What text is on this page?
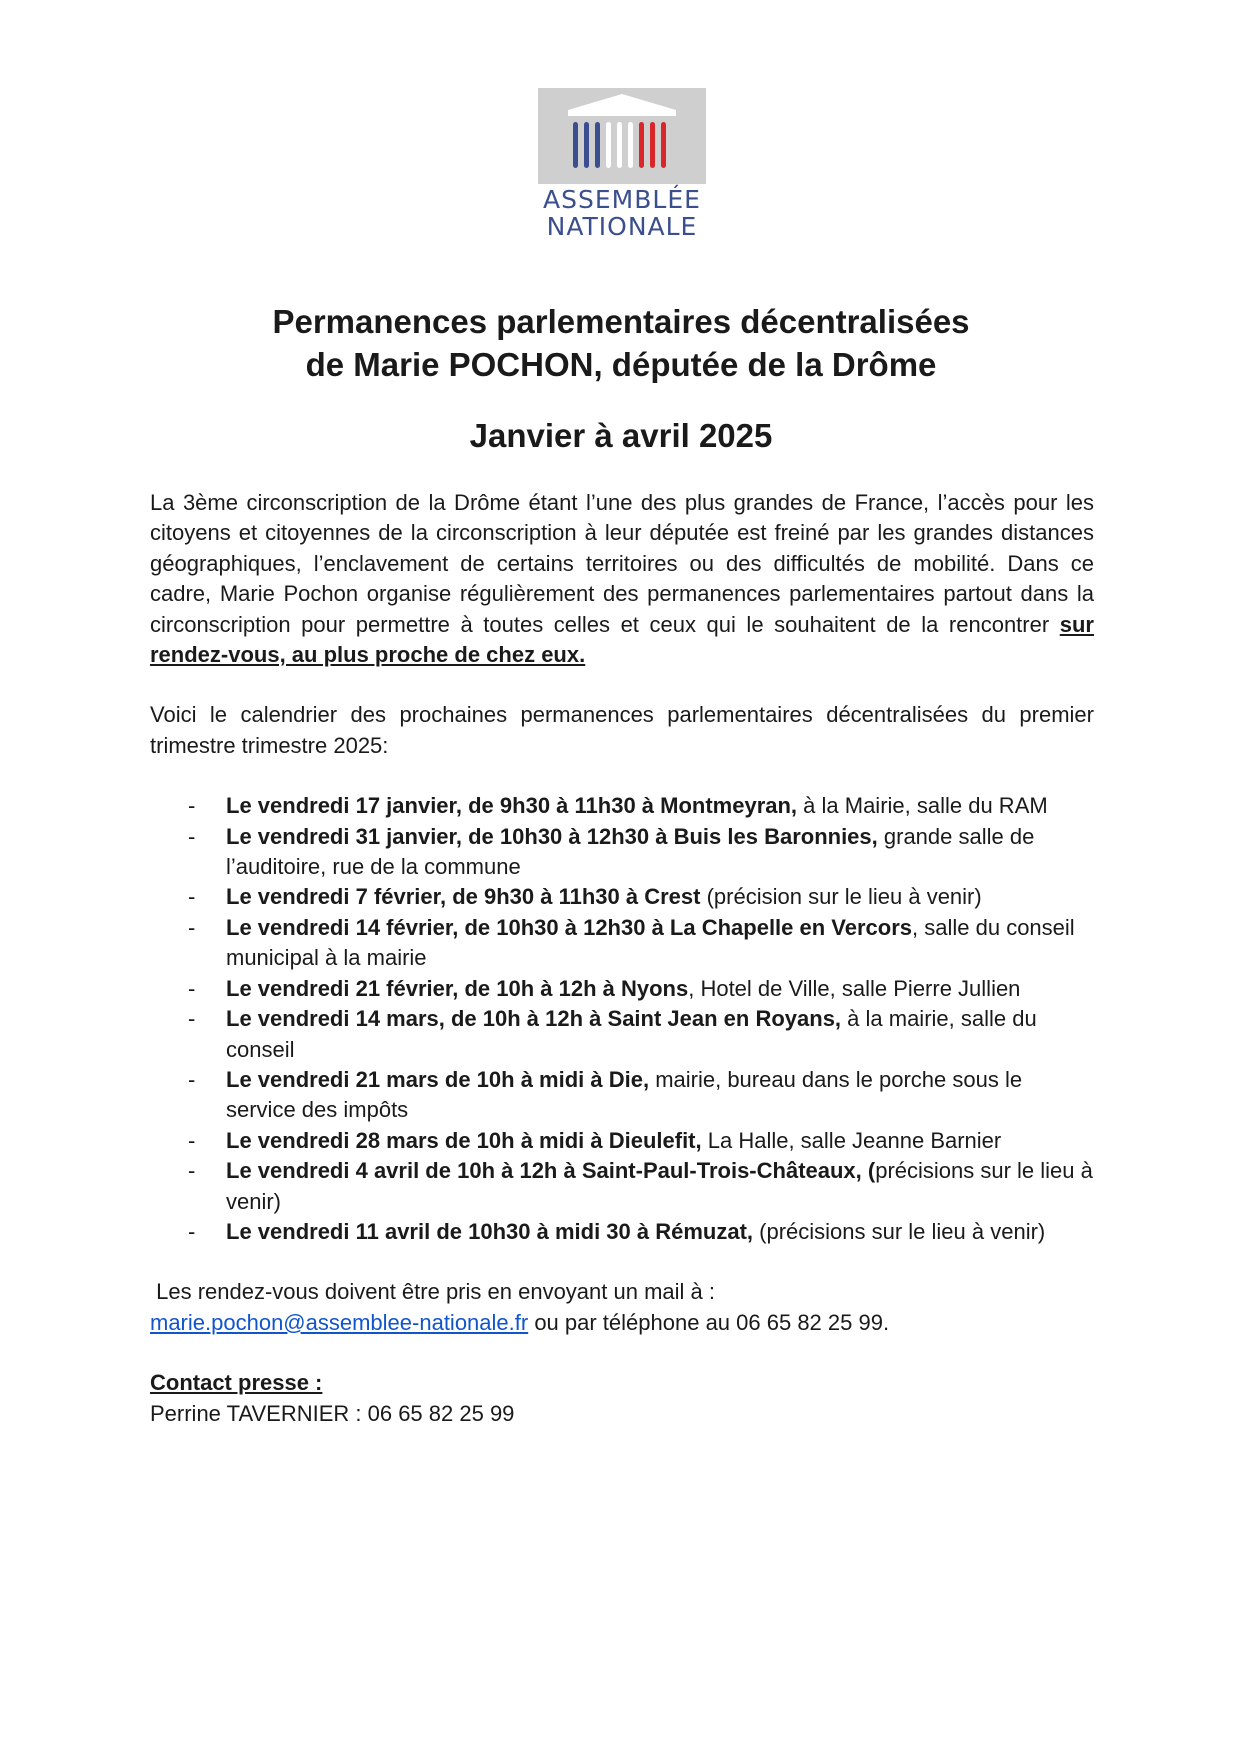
ASSEMBLÉE
NATIONALE
Permanences parlementaires décentralisées
de Marie POCHON, députée de la Drôme
Janvier à avril 2025

La 3ème circonscription de la Drôme étant l’une des plus grandes de France, l’accès pour les citoyens et citoyennes de la circonscription à leur députée est freiné par les grandes distances géographiques, l’enclavement de certains territoires ou des difficultés de mobilité. Dans ce cadre, Marie Pochon organise régulièrement des permanences parlementaires partout dans la circonscription pour permettre à toutes celles et ceux qui le souhaitent de la rencontrer sur rendez-vous, au plus proche de chez eux.

Voici le calendrier des prochaines permanences parlementaires décentralisées du premier trimestre trimestre 2025:

- Le vendredi 17 janvier, de 9h30 à 11h30 à Montmeyran, à la Mairie, salle du RAM
- Le vendredi 31 janvier, de 10h30 à 12h30 à Buis les Baronnies, grande salle de l’auditoire, rue de la commune
- Le vendredi 7 février, de 9h30 à 11h30 à Crest (précision sur le lieu à venir)
- Le vendredi 14 février, de 10h30 à 12h30 à La Chapelle en Vercors, salle du conseil municipal à la mairie
- Le vendredi 21 février, de 10h à 12h à Nyons, Hotel de Ville, salle Pierre Jullien
- Le vendredi 14 mars, de 10h à 12h à Saint Jean en Royans, à la mairie, salle du conseil
- Le vendredi 21 mars de 10h à midi à Die, mairie, bureau dans le porche sous le service des impôts
- Le vendredi 28 mars de 10h à midi à Dieulefit, La Halle, salle Jeanne Barnier
- Le vendredi 4 avril de 10h à 12h à Saint-Paul-Trois-Châteaux, (précisions sur le lieu à venir)
- Le vendredi 11 avril de 10h30 à midi 30 à Rémuzat, (précisions sur le lieu à venir)
Les rendez-vous doivent être pris en envoyant un mail à :
marie.pochon@assemblee-nationale.fr ou par téléphone au 06 65 82 25 99.
Contact presse :
Perrine TAVERNIER : 06 65 82 25 99
